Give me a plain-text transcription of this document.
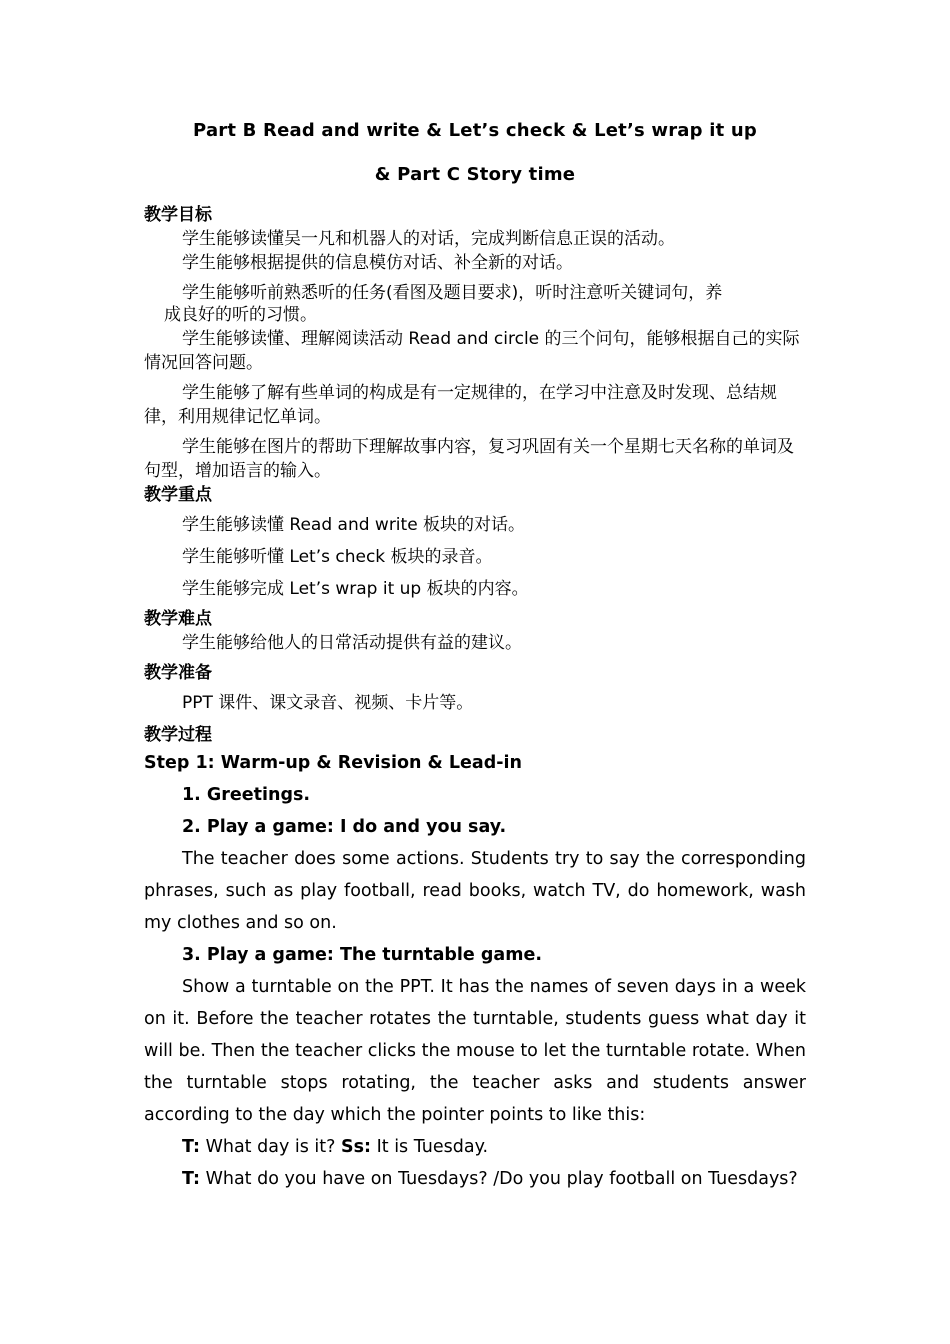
Part B Read and write & Let’s check & Let’s wrap it up
& Part C Story time

教学目标

学生能够读懂吴一凡和机器人的对话，完成判断信息正误的活动。

学生能够根据提供的信息模仿对话、补全新的对话。

学生能够听前熟悉听的任务(看图及题目要求)，听时注意听关键词句，养

成良好的听的习惯。

学生能够读懂、理解阅读活动 Read and circle 的三个问句，能够根据自己的实际情况回答问题。

学生能够了解有些单词的构成是有一定规律的，在学习中注意及时发现、总结规律，利用规律记忆单词。

学生能够在图片的帮助下理解故事内容，复习巩固有关一个星期七天名称的单词及句型，增加语言的输入。

教学重点

学生能够读懂 Read and write 板块的对话。

学生能够听懂 Let’s check 板块的录音。

学生能够完成 Let’s wrap it up 板块的内容。

教学难点

学生能够给他人的日常活动提供有益的建议。

教学准备

PPT 课件、课文录音、视频、卡片等。

教学过程

Step 1: Warm-up & Revision & Lead-in

1. Greetings.

2. Play a game: I do and you say.

The teacher does some actions. Students try to say the corresponding phrases, such as play football, read books, watch TV, do homework, wash my clothes and so on.

3. Play a game: The turntable game.

Show a turntable on the PPT. It has the names of seven days in a week on it. Before the teacher rotates the turntable, students guess what day it will be. Then the teacher clicks the mouse to let the turntable rotate. When the turntable stops rotating, the teacher asks and students answer according to the day which the pointer points to like this:

T: What day is it? Ss: It is Tuesday.

T: What do you have on Tuesdays? /Do you play football on Tuesdays?
